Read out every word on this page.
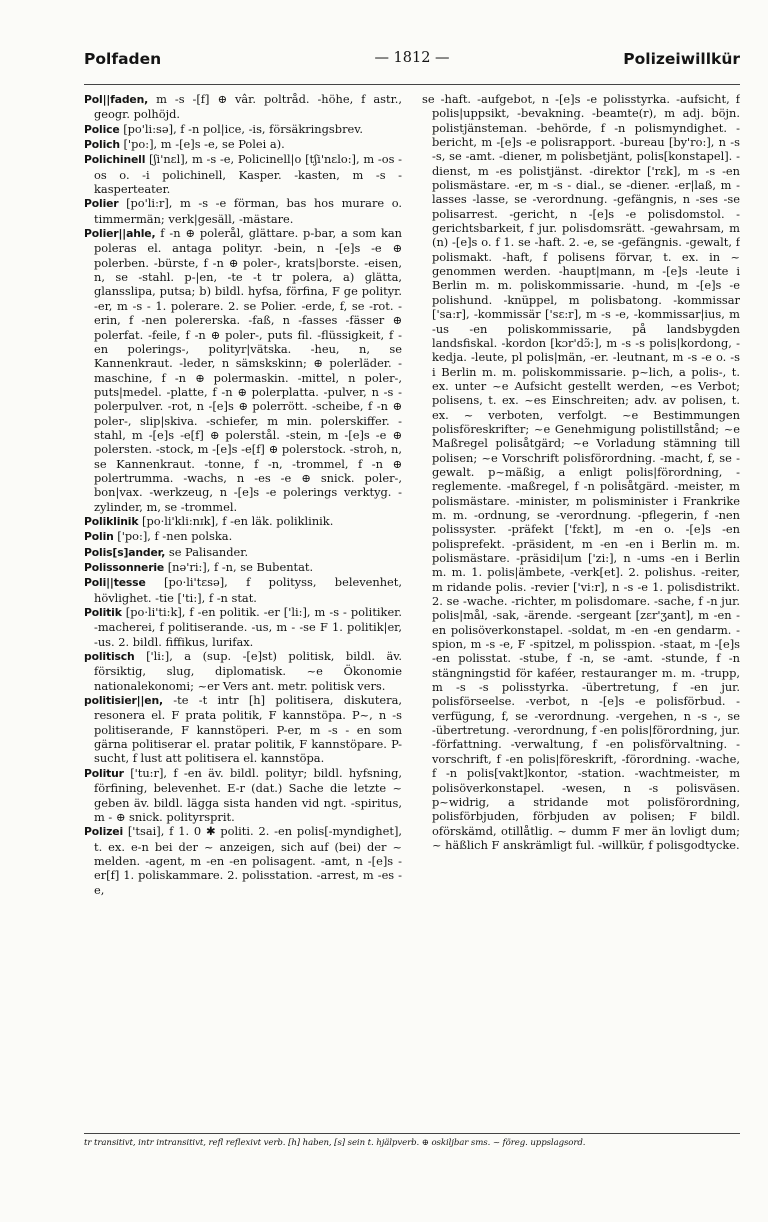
Polfaden	— 1812 —	Polizeiwillkür

Pol||faden, m -s -[f] ⊕ vâr. poltråd. -höhe, f astr., geogr. polhöjd.

Police [po'li:sə], f -n pol|ice, -is, försäkringsbrev.

Polich ['po:], m -[e]s -e, se Polei a).

Polichinell [ʃi'nɛl], m -s -e, Policinell|o [tʃi'nɛlo:], m -os -os o. -i polichinell, Kasper. -kasten, m -s - kasperteater.

Polier [po'li:r], m -s -e förman, bas hos murare o. timmermän; verk|gesäll, -mästare.

Polier||ahle, f -n ⊕ polerål, glättare. p-bar, a som kan poleras el. antaga polityr. -bein, n -[e]s -e ⊕ polerben. -bürste, f -n ⊕ poler-, krats|borste. -eisen, n, se -stahl. p-|en, -te -t tr polera, a) glätta, glansslipa, putsa; b) bildl. hyfsa, förfina, F ge polityr. -er, m -s - 1. polerare. 2. se Polier. -erde, f, se -rot. -erin, f -nen polererska. -faß, n -fasses -fässer ⊕ polerfat. -feile, f -n ⊕ poler-, puts fil. -flüssigkeit, f -en polerings-, polityr|vätska. -heu, n, se Kannenkraut. -leder, n sämskskinn; ⊕ polerläder. -maschine, f -n ⊕ polermaskin. -mittel, n poler-, puts|medel. -platte, f -n ⊕ polerplatta. -pulver, n -s - polerpulver. -rot, n -[e]s ⊕ polerrött. -scheibe, f -n ⊕ poler-, slip|skiva. -schiefer, m min. polerskiffer. -stahl, m -[e]s -e[f] ⊕ polerstål. -stein, m -[e]s -e ⊕ polersten. -stock, m -[e]s -e[f] ⊕ polerstock. -stroh, n, se Kannenkraut. -tonne, f -n, -trommel, f -n ⊕ polertrumma. -wachs, n -es -e ⊕ snick. poler-, bon|vax. -werkzeug, n -[e]s -e polerings verktyg. -zylinder, m, se -trommel.

Poliklinik [po·li'kli:nɪk], f -en läk. poliklinik.

Polin ['po:], f -nen polska.

Polis[s]ander, se Palisander.

Polissonnerie [nə'ri:], f -n, se Bubentat.

Poli||tesse [po·li'tɛsə], f polityss, belevenhet, hövlighet. -tie ['ti:], f -n stat.

Politik [po·li'ti:k], f -en politik. -er ['li:], m -s - politiker. -macherei, f politiserande. -us, m - -se F 1. politik|er, -us. 2. bildl. fiffikus, lurifax.

politisch ['li:], a (sup. -[e]st) politisk, bildl. äv. försiktig, slug, diplomatisk. ~e Ökonomie nationalekonomi; ~er Vers ant. metr. politisk vers.

politisier||en, -te -t intr [h] politisera, diskutera, resonera el. F prata politik, F kannstöpa. P~, n -s politiserande, F kannstöperi. P-er, m -s - en som gärna politiserar el. pratar politik, F kannstöpare. P-sucht, f lust att politisera el. kannstöpa.

Politur ['tu:r], f -en äv. bildl. polityr; bildl. hyfsning, förfining, belevenhet. E-r (dat.) Sache die letzte ~ geben äv. bildl. lägga sista handen vid ngt. -spiritus, m - ⊕ snick. polityrsprit.

Polizei ['tsai], f 1. 0 ✱ politi. 2. -en polis[-myndighet], t. ex. e-n bei der ~ anzeigen, sich auf (bei) der ~ melden. -agent, m -en -en polisagent. -amt, n -[e]s -er[f] 1. poliskammare. 2. polisstation. -arrest, m -es -e,

se -haft. -aufgebot, n -[e]s -e polisstyrka. -aufsicht, f polis|uppsikt, -bevakning. -beamte(r), m adj. böjn. polistjänsteman. -behörde, f -n polismyndighet. -bericht, m -[e]s -e polisrapport. -bureau [by'ro:], n -s -s, se -amt. -diener, m polisbetjänt, polis[konstapel]. -dienst, m -es polistjänst. -direktor ['rɛk], m -s -en polismästare. -er, m -s - dial., se -diener. -er|laß, m -lasses -lasse, se -verordnung. -gefängnis, n -ses -se polisarrest. -gericht, n -[e]s -e polisdomstol. -gerichtsbarkeit, f jur. polisdomsrätt. -gewahrsam, m (n) -[e]s o. f 1. se -haft. 2. -e, se -gefängnis. -gewalt, f polismakt. -haft, f polisens förvar, t. ex. in ~ genommen werden. -haupt|mann, m -[e]s -leute i Berlin m. m. poliskommissarie. -hund, m -[e]s -e polishund. -knüppel, m polisbatong. -kommissar ['sa:r], -kommissär ['sɛ:r], m -s -e, -kommissar|ius, m -us -en poliskommissarie, på landsbygden landsfiskal. -kordon [kɔr'dɔ̃:], m -s -s polis|kordong, -kedja. -leute, pl polis|män, -er. -leutnant, m -s -e o. -s i Berlin m. m. poliskommissarie. p~lich, a polis-, t. ex. unter ~e Aufsicht gestellt werden, ~es Verbot; polisens, t. ex. ~es Einschreiten; adv. av polisen, t. ex. ~ verboten, verfolgt. ~e Bestimmungen polisföreskrifter; ~e Genehmigung polistillstånd; ~e Maßregel polisåtgärd; ~e Vorladung stämning till polisen; ~e Vorschrift polisförordning. -macht, f, se -gewalt. p~mäßig, a enligt polis|förordning, -reglemente. -maßregel, f -n polisåtgärd. -meister, m polismästare. -minister, m polisminister i Frankrike m. m. -ordnung, se -verordnung. -pflegerin, f -nen polissyster. -präfekt ['fɛkt], m -en o. -[e]s -en polisprefekt. -präsident, m -en -en i Berlin m. m. polismästare. -präsidi|um ['zi:], n -ums -en i Berlin m. m. 1. polis|ämbete, -verk[et]. 2. polishus. -reiter, m ridande polis. -revier ['vi:r], n -s -e 1. polisdistrikt. 2. se -wache. -richter, m polisdomare. -sache, f -n jur. polis|mål, -sak, -ärende. -sergeant [zɛr'ʒant], m -en -en polisöverkonstapel. -soldat, m -en -en gendarm. -spion, m -s -e, F -spitzel, m polisspion. -staat, m -[e]s -en polisstat. -stube, f -n, se -amt. -stunde, f -n stängningstid för kaféer, restauranger m. m. -trupp, m -s -s polisstyrka. -übertretung, f -en jur. polisförseelse. -verbot, n -[e]s -e polisförbud. -verfügung, f, se -verordnung. -vergehen, n -s -, se -übertretung. -verordnung, f -en polis|förordning, jur. -författning. -verwaltung, f -en polisförvaltning. -vorschrift, f -en polis|föreskrift, -förordning. -wache, f -n polis[vakt]kontor, -station. -wachtmeister, m polisöverkonstapel. -wesen, n -s polisväsen. p~widrig, a stridande mot polisförordning, polisförbjuden, förbjuden av polisen; F bildl. oförskämd, otillåtlig. ~ dumm F mer än lovligt dum; ~ häßlich F anskrämligt ful. -willkür, f polisgodtycke.

tr transitivt, intr intransitivt, refl reflexivt verb. [h] haben, [s] sein t. hjälpverb. ⊕ oskiljbar sms. ~ föreg. uppslagsord.
